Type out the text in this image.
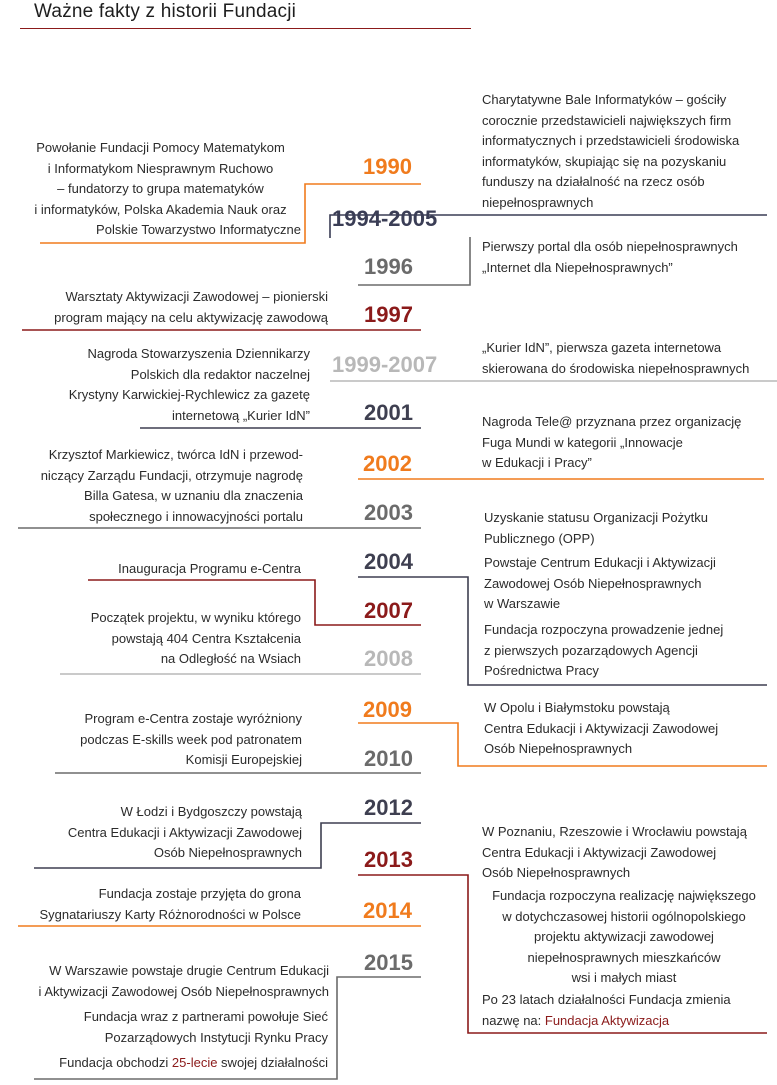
Ważne fakty z historii Fundacji
1990
1994-2005
1996
1997
1999-2007
2001
2002
2003
2004
2007
2008
2009
2010
2012
2013
2014
2015
Powołanie Fundacji Pomocy Matematykom
i Informatykom Niesprawnym Ruchowo
– fundatorzy to grupa matematyków
i informatyków, Polska Akademia Nauk oraz
Polskie Towarzystwo Informatyczne
Warsztaty Aktywizacji Zawodowej – pionierski
program mający na celu aktywizację zawodową
Nagroda Stowarzyszenia Dziennikarzy
Polskich dla redaktor naczelnej
Krystyny Karwickiej-Rychlewicz za gazetę
internetową „Kurier IdN”
Krzysztof Markiewicz, twórca IdN i przewod-
niczący Zarządu Fundacji, otrzymuje nagrodę
Billa Gatesa, w uznaniu dla znaczenia
społecznego i innowacyjności portalu
Inauguracja Programu e-Centra
Początek projektu, w wyniku którego
powstają 404 Centra Kształcenia
na Odległość na Wsiach
Program e-Centra zostaje wyróżniony
podczas E-skills week pod patronatem
Komisji Europejskiej
W Łodzi i Bydgoszczy powstają
Centra Edukacji i Aktywizacji Zawodowej
Osób Niepełnosprawnych
Fundacja zostaje przyjęta do grona
Sygnatariuszy Karty Różnorodności w Polsce
W Warszawie powstaje drugie Centrum Edukacji
i Aktywizacji Zawodowej Osób Niepełnosprawnych
Fundacja wraz z partnerami powołuje Sieć
Pozarządowych Instytucji Rynku Pracy
Fundacja obchodzi 25-lecie swojej działalności
Charytatywne Bale Informatyków – gościły
corocznie przedstawicieli największych firm
informatycznych i przedstawicieli środowiska
informatyków, skupiając się na pozyskaniu
funduszy na działalność na rzecz osób
niepełnosprawnych
Pierwszy portal dla osób niepełnosprawnych
„Internet dla Niepełnosprawnych”
„Kurier IdN”, pierwsza gazeta internetowa
skierowana do środowiska niepełnosprawnych
Nagroda Tele@ przyznana przez organizację
Fuga Mundi w kategorii „Innowacje
w Edukacji i Pracy”
Uzyskanie statusu Organizacji Pożytku
Publicznego (OPP)
Powstaje Centrum Edukacji i Aktywizacji
Zawodowej Osób Niepełnosprawnych
w Warszawie
Fundacja rozpoczyna prowadzenie jednej
z pierwszych pozarządowych Agencji
Pośrednictwa Pracy
W Opolu i Białymstoku powstają
Centra Edukacji i Aktywizacji Zawodowej
Osób Niepełnosprawnych
W Poznaniu, Rzeszowie i Wrocławiu powstają
Centra Edukacji i Aktywizacji Zawodowej
Osób Niepełnosprawnych
Fundacja rozpoczyna realizację największego
w dotychczasowej historii ogólnopolskiego
projektu aktywizacji zawodowej
niepełnosprawnych mieszkańców
wsi i małych miast
Po 23 latach działalności Fundacja zmienia
nazwę na: Fundacja Aktywizacja
